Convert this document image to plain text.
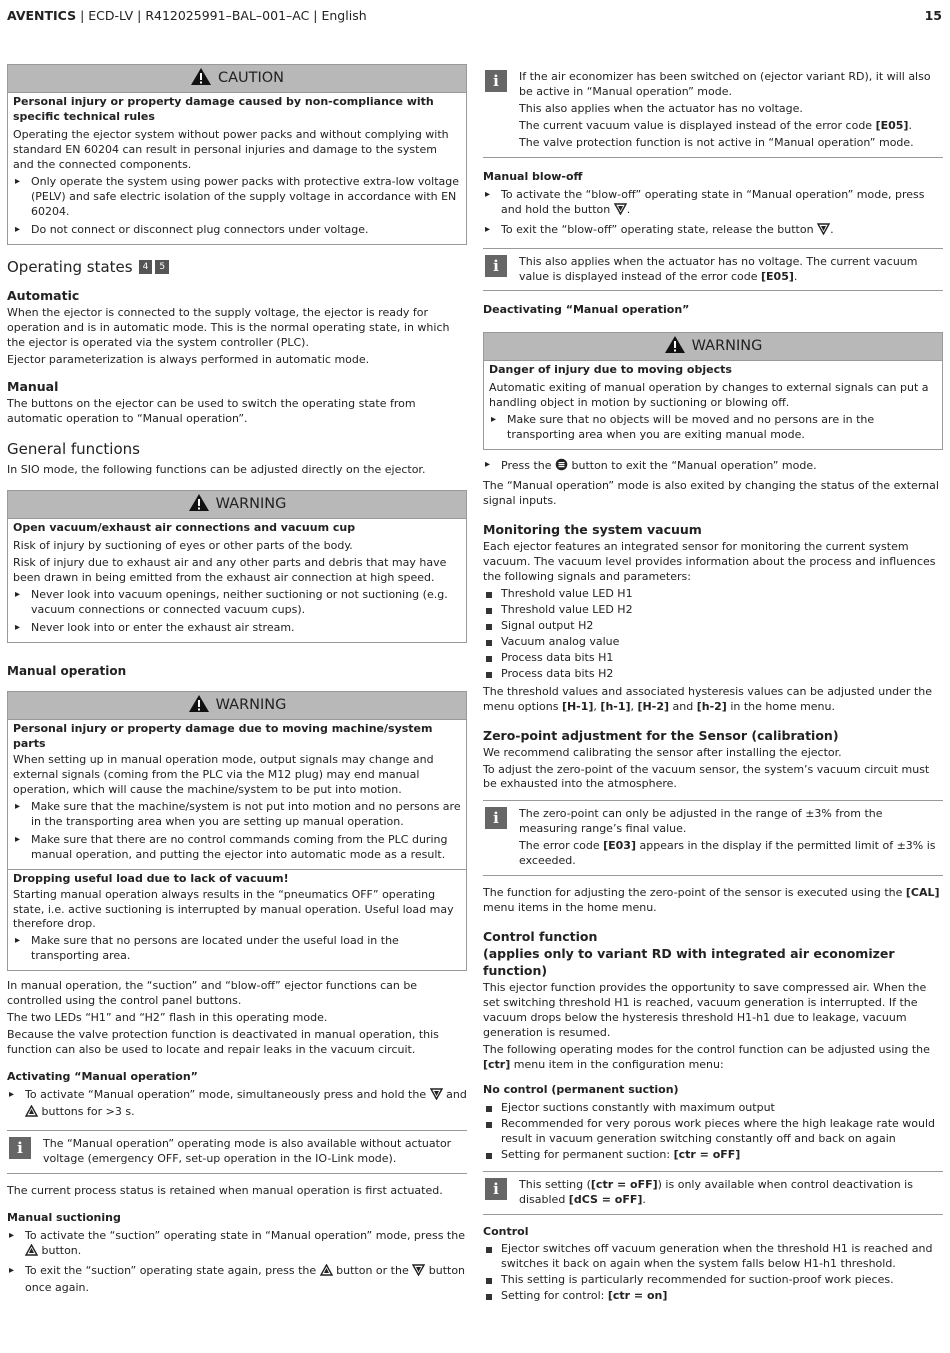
AVENTICS | ECD-LV | R412025991–BAL–001–AC | English	15
CAUTION
Personal injury or property damage caused by non-compliance with specific technical rules

Operating the ejector system without power packs and without complying with standard EN 60204 can result in personal injuries and damage to the system and the connected components.

▸ Only operate the system using power packs with protective extra-low voltage (PELV) and safe electric isolation of the supply voltage in accordance with EN 60204.
▸ Do not connect or disconnect plug connectors under voltage.
Operating states 4 5
Automatic

When the ejector is connected to the supply voltage, the ejector is ready for operation and is in automatic mode. This is the normal operating state, in which the ejector is operated via the system controller (PLC).

Ejector parameterization is always performed in automatic mode.

Manual

The buttons on the ejector can be used to switch the operating state from automatic operation to “Manual operation”.

General functions

In SIO mode, the following functions can be adjusted directly on the ejector.

WARNING
Open vacuum/exhaust air connections and vacuum cup

Risk of injury by suctioning of eyes or other parts of the body.

Risk of injury due to exhaust air and any other parts and debris that may have been drawn in being emitted from the exhaust air connection at high speed.

▸ Never look into vacuum openings, neither suctioning or not suctioning (e.g. vacuum connections or connected vacuum cups).
▸ Never look into or enter the exhaust air stream.
Manual operation
WARNING
Personal injury or property damage due to moving machine/system parts

When setting up in manual operation mode, output signals may change and external signals (coming from the PLC via the M12 plug) may end manual operation, which will cause the machine/system to be put into motion.

▸ Make sure that the machine/system is not put into motion and no persons are in the transporting area when you are setting up manual operation.
▸ Make sure that there are no control commands coming from the PLC during manual operation, and putting the ejector into automatic mode as a result.
Dropping useful load due to lack of vacuum!

Starting manual operation always results in the “pneumatics OFF” operating state, i.e. active suctioning is interrupted by manual operation. Useful load may therefore drop.

▸ Make sure that no persons are located under the useful load in the transporting area.

In manual operation, the “suction” and “blow-off” ejector functions can be controlled using the control panel buttons.

The two LEDs “H1” and “H2” flash in this operating mode.

Because the valve protection function is deactivated in manual operation, this function can also be used to locate and repair leaks in the vacuum circuit.

Activating “Manual operation”
▸ To activate “Manual operation” mode, simultaneously press and hold the and
buttons for >3 s.
i	The “Manual operation” operating mode is also available without actuator voltage (emergency OFF, set-up operation in the IO-Link mode).

The current process status is retained when manual operation is first actuated.

Manual suctioning
▸ To activate the “suction” operating state in “Manual operation” mode, press the
button.
▸ To exit the “suction” operating state again, press the button or the button once again.
i	If the air economizer has been switched on (ejector variant RD), it will also be active in “Manual operation” mode.

This also applies when the actuator has no voltage.

The current vacuum value is displayed instead of the error code [E05].

The valve protection function is not active in “Manual operation” mode.

Manual blow-off
▸ To activate the “blow-off” operating state in “Manual operation” mode, press and hold the button .
▸ To exit the “blow-off” operating state, release the button .
i	This also applies when the actuator has no voltage. The current vacuum value is displayed instead of the error code [E05].

Deactivating “Manual operation”
WARNING
Danger of injury due to moving objects

Automatic exiting of manual operation by changes to external signals can put a handling object in motion by suctioning or blowing off.

▸ Make sure that no objects will be moved and no persons are in the transporting area when you are exiting manual mode.
▸ Press the button to exit the “Manual operation” mode.

The “Manual operation” mode is also exited by changing the status of the external signal inputs.

Monitoring the system vacuum

Each ejector features an integrated sensor for monitoring the current system vacuum. The vacuum level provides information about the process and influences the following signals and parameters:

Threshold value LED H1
Threshold value LED H2
Signal output H2
Vacuum analog value
Process data bits H1
Process data bits H2

The threshold values and associated hysteresis values can be adjusted under the menu options [H-1], [h-1], [H-2] and [h-2] in the home menu.

Zero-point adjustment for the Sensor (calibration)

We recommend calibrating the sensor after installing the ejector.

To adjust the zero-point of the vacuum sensor, the system’s vacuum circuit must be exhausted into the atmosphere.

i	The zero-point can only be adjusted in the range of ±3% from the measuring range’s final value.

The error code [E03] appears in the display if the permitted limit of ±3% is exceeded.

The function for adjusting the zero-point of the sensor is executed using the [CAL] menu items in the home menu.

Control function
(applies only to variant RD with integrated air economizer function)

This ejector function provides the opportunity to save compressed air. When the set switching threshold H1 is reached, vacuum generation is interrupted. If the vacuum drops below the hysteresis threshold H1-h1 due to leakage, vacuum generation is resumed.

The following operating modes for the control function can be adjusted using the [ctr] menu item in the configuration menu:

No control (permanent suction)
Ejector suctions constantly with maximum output
Recommended for very porous work pieces where the high leakage rate would result in vacuum generation switching constantly off and back on again
Setting for permanent suction: [ctr = oFF]
i	This setting ([ctr = oFF]) is only available when control deactivation is disabled [dCS = oFF].

Control
Ejector switches off vacuum generation when the threshold H1 is reached and switches it back on again when the system falls below H1-h1 threshold.
This setting is particularly recommended for suction-proof work pieces.
Setting for control: [ctr = on]
